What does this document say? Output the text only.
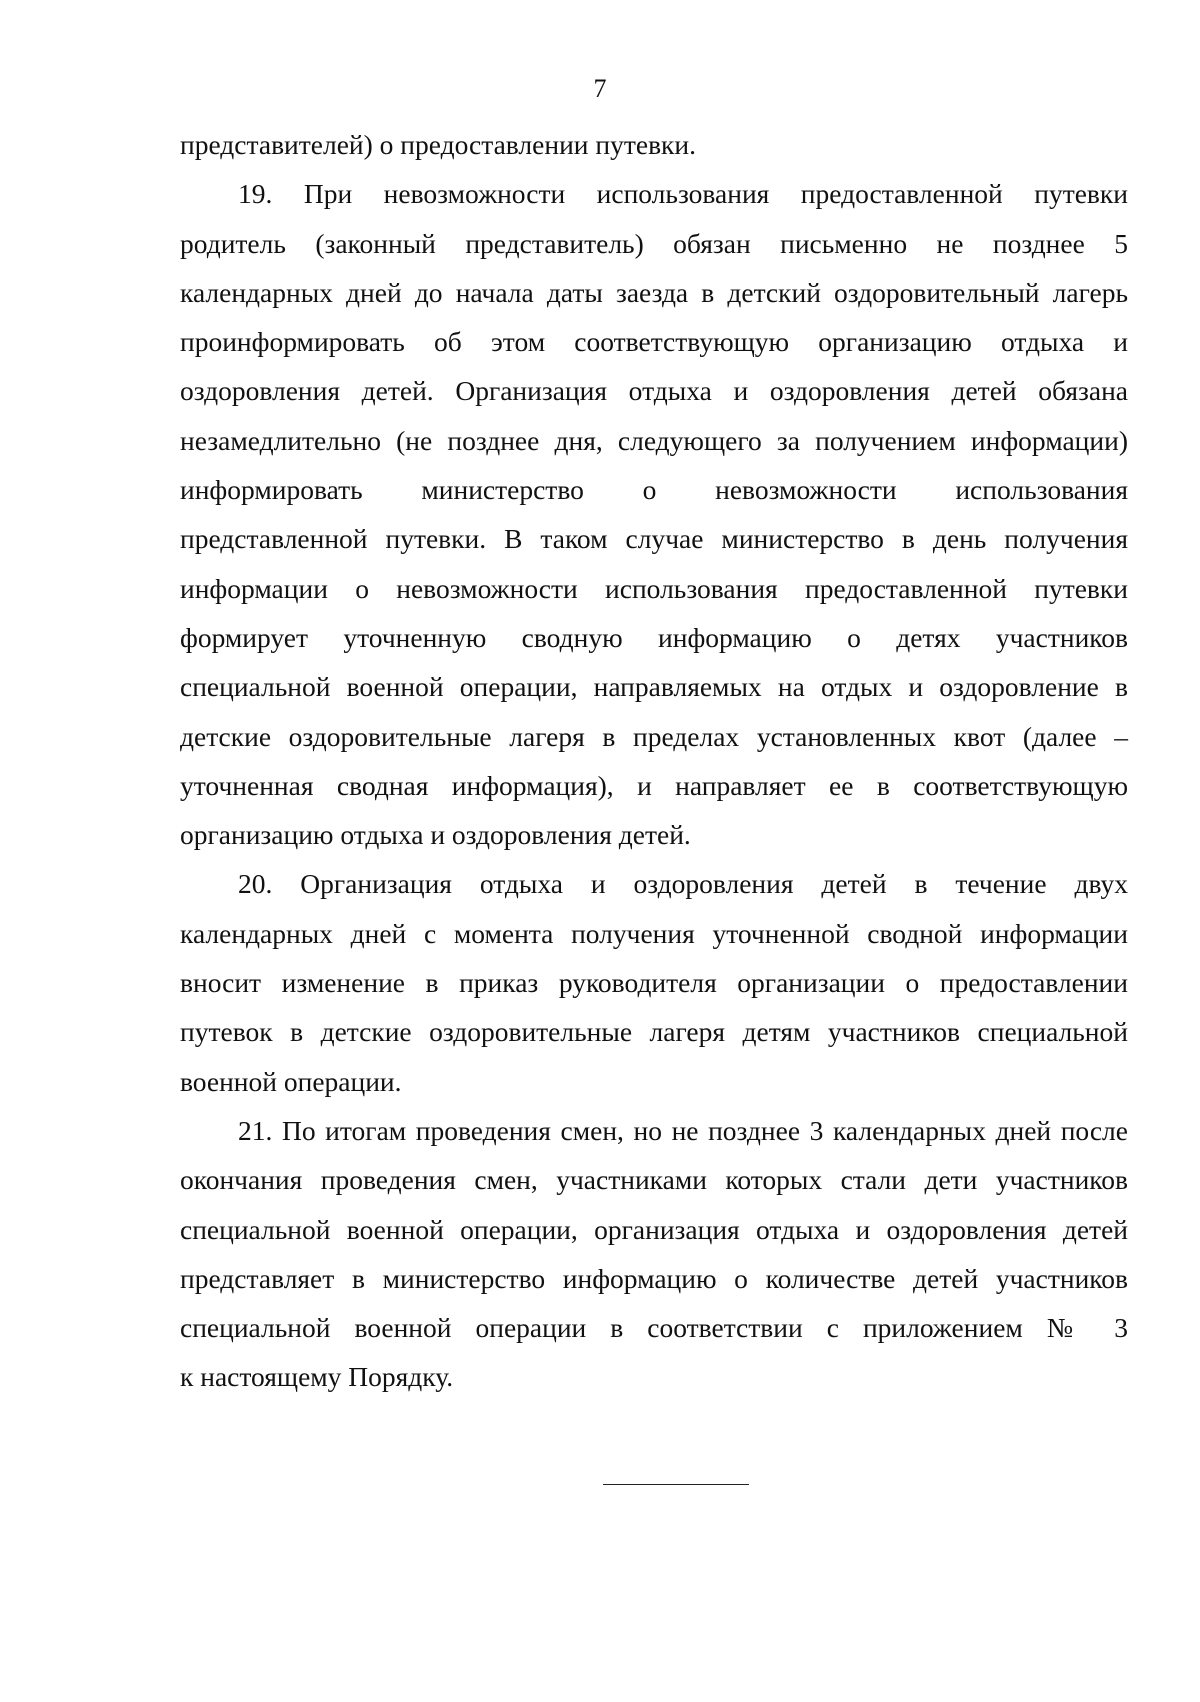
7
представителей) о предоставлении путевки.
19. При невозможности использования предоставленной путевки
родитель (законный представитель) обязан письменно не позднее 5
календарных дней до начала даты заезда в детский оздоровительный лагерь
проинформировать об этом соответствующую организацию отдыха и
оздоровления детей. Организация отдыха и оздоровления детей обязана
незамедлительно (не позднее дня, следующего за получением информации)
информировать министерство о невозможности использования
представленной путевки. В таком случае министерство в день получения
информации о невозможности использования предоставленной путевки
формирует уточненную сводную информацию о детях участников
специальной военной операции, направляемых на отдых и оздоровление в
детские оздоровительные лагеря в пределах установленных квот (далее –
уточненная сводная информация), и направляет ее в соответствующую
организацию отдыха и оздоровления детей.
20. Организация отдыха и оздоровления детей в течение двух
календарных дней с момента получения уточненной сводной информации
вносит изменение в приказ руководителя организации о предоставлении
путевок в детские оздоровительные лагеря детям участников специальной
военной операции.
21. По итогам проведения смен, но не позднее 3 календарных дней после
окончания проведения смен, участниками которых стали дети участников
специальной военной операции, организация отдыха и оздоровления детей
представляет в министерство информацию о количестве детей участников
специальной военной операции в соответствии с приложением № 3
к настоящему Порядку.
